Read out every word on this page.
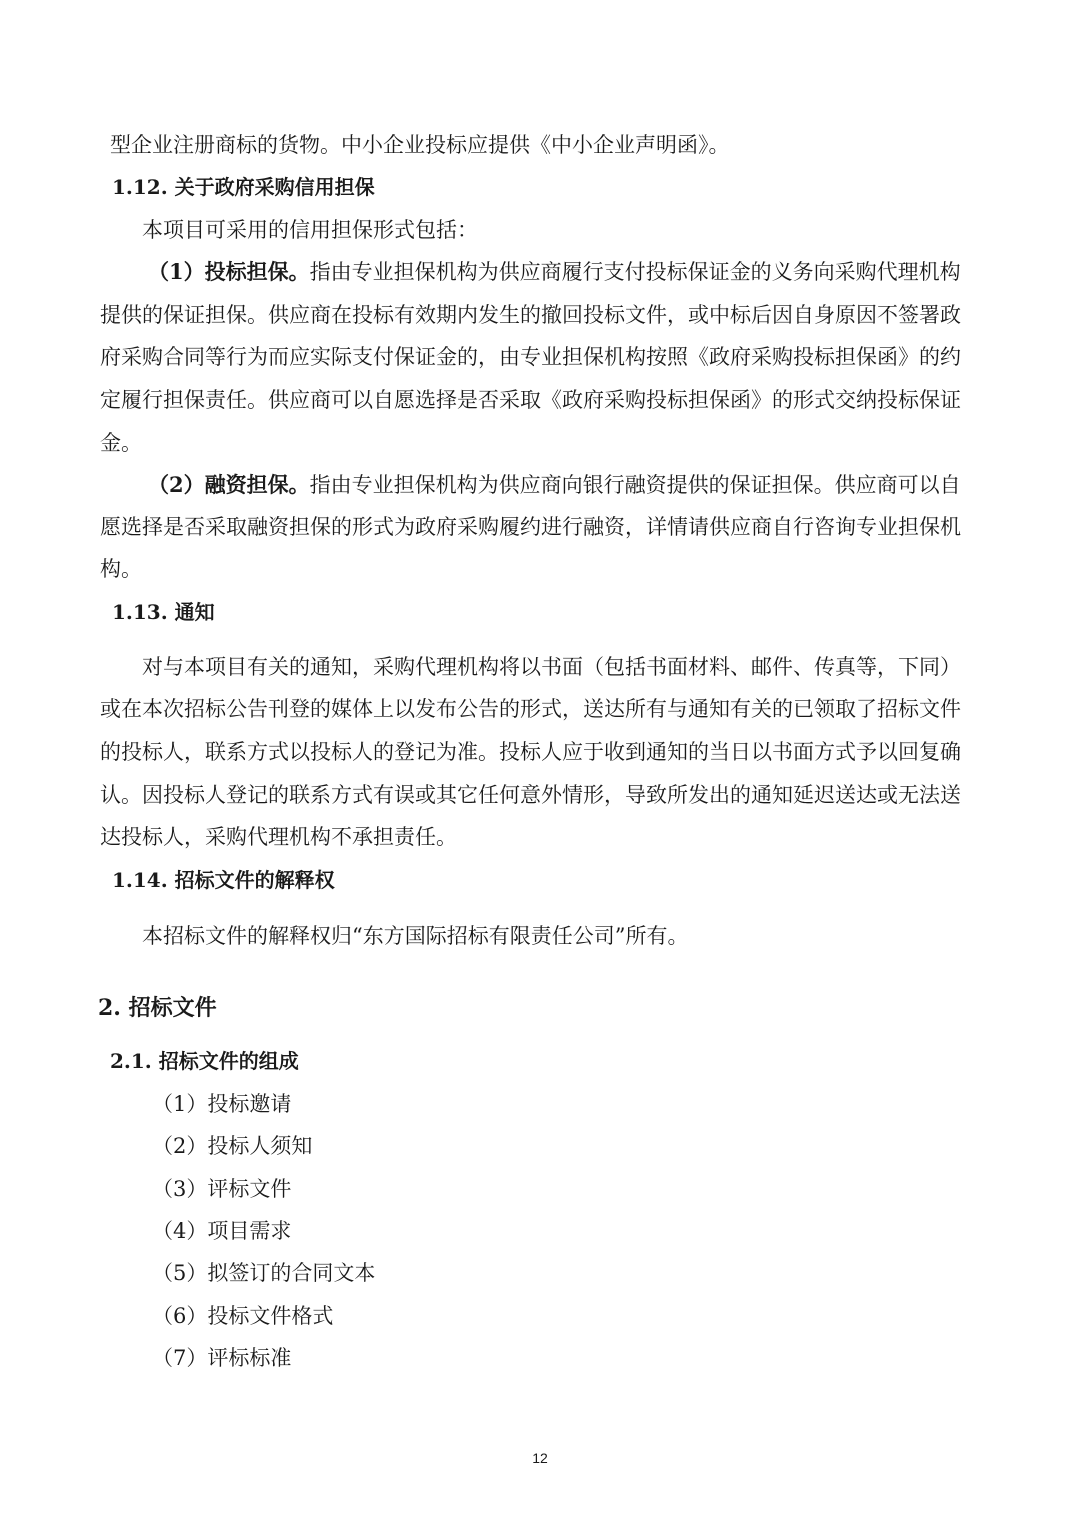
型企业注册商标的货物。中小企业投标应提供《中小企业声明函》。
1.12. 关于政府采购信用担保
本项目可采用的信用担保形式包括：
（1）投标担保。指由专业担保机构为供应商履行支付投标保证金的义务向采购代理机构
提供的保证担保。供应商在投标有效期内发生的撤回投标文件，或中标后因自身原因不签署政
府采购合同等行为而应实际支付保证金的，由专业担保机构按照《政府采购投标担保函》的约
定履行担保责任。供应商可以自愿选择是否采取《政府采购投标担保函》的形式交纳投标保证
金。
（2）融资担保。指由专业担保机构为供应商向银行融资提供的保证担保。供应商可以自
愿选择是否采取融资担保的形式为政府采购履约进行融资，详情请供应商自行咨询专业担保机
构。
1.13. 通知
对与本项目有关的通知，采购代理机构将以书面（包括书面材料、邮件、传真等，下同）
或在本次招标公告刊登的媒体上以发布公告的形式，送达所有与通知有关的已领取了招标文件
的投标人，联系方式以投标人的登记为准。投标人应于收到通知的当日以书面方式予以回复确
认。因投标人登记的联系方式有误或其它任何意外情形，导致所发出的通知延迟送达或无法送
达投标人，采购代理机构不承担责任。
1.14. 招标文件的解释权
本招标文件的解释权归“东方国际招标有限责任公司”所有。
2. 招标文件
2.1. 招标文件的组成
（1）投标邀请
（2）投标人须知
（3）评标文件
（4）项目需求
（5）拟签订的合同文本
（6）投标文件格式
（7）评标标准
12
